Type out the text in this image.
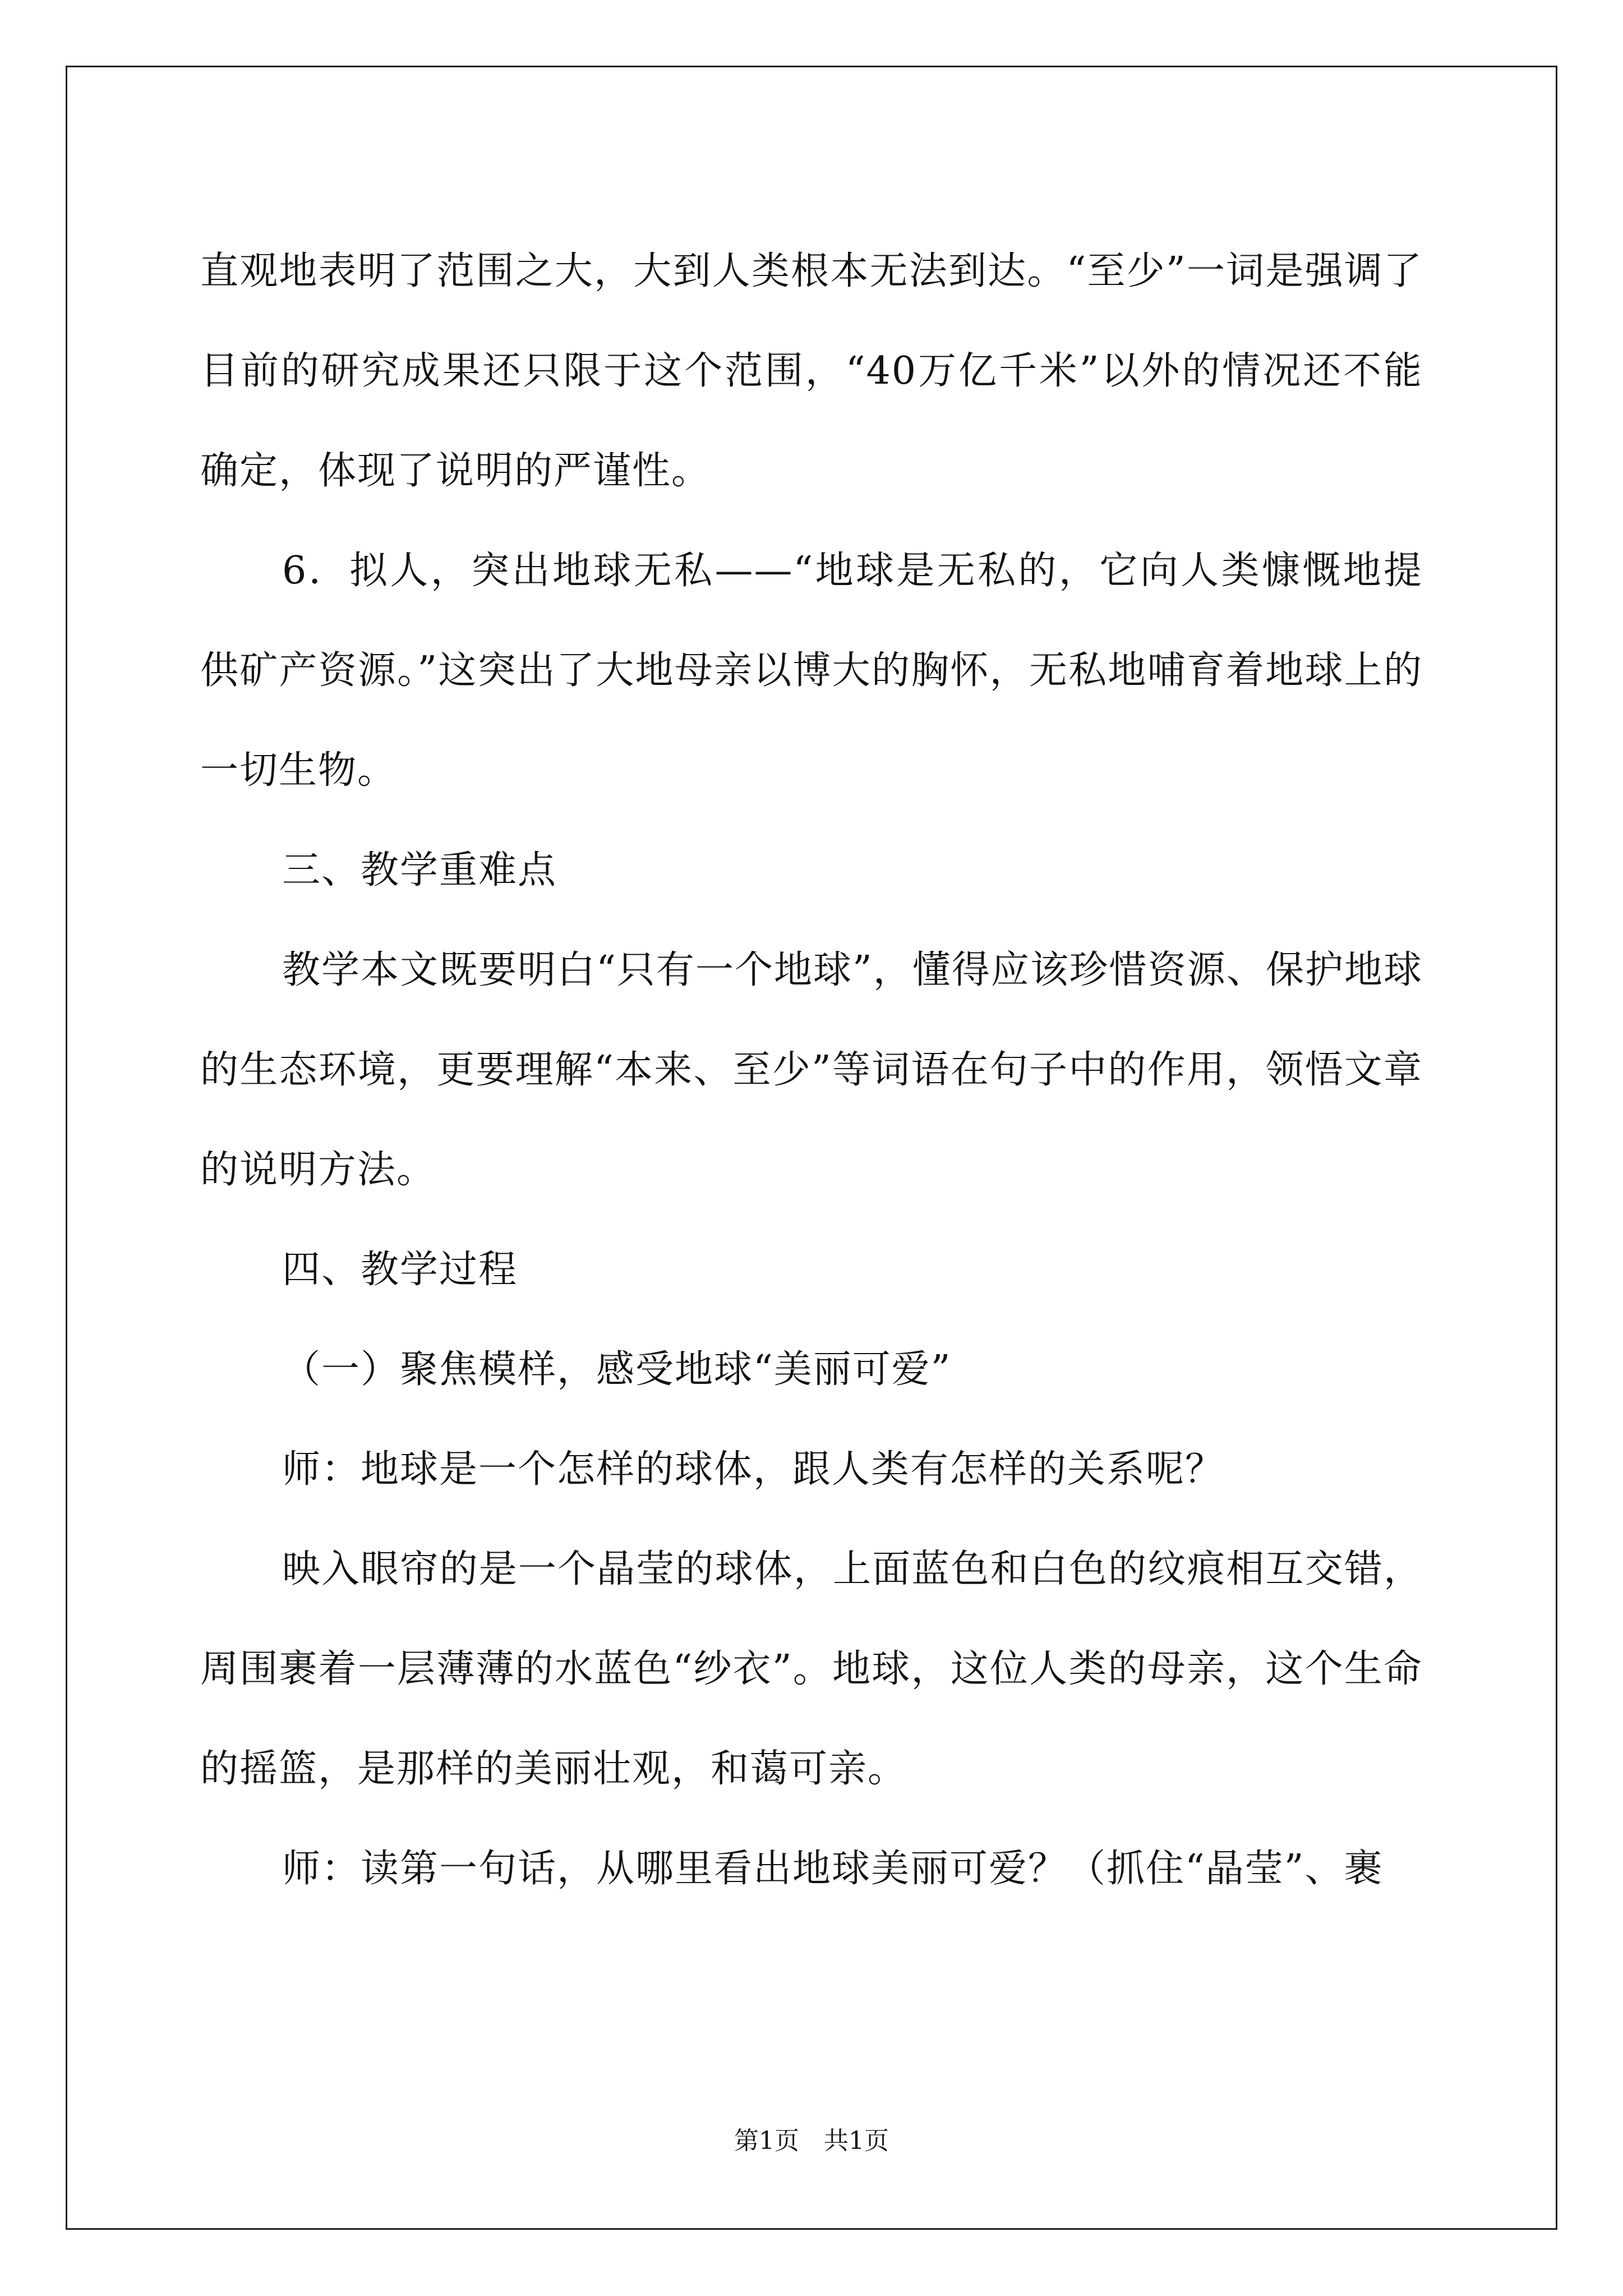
直观地表明了范围之大，大到人类根本无法到达。“至少”一词是强调了目前的研究成果还只限于这个范围，“40万亿千米”以外的情况还不能确定，体现了说明的严谨性。

6．拟人，突出地球无私——“地球是无私的，它向人类慷慨地提供矿产资源。”这突出了大地母亲以博大的胸怀，无私地哺育着地球上的一切生物。

三、教学重难点

教学本文既要明白“只有一个地球”，懂得应该珍惜资源、保护地球的生态环境，更要理解“本来、至少”等词语在句子中的作用，领悟文章的说明方法。

四、教学过程

（一）聚焦模样，感受地球“美丽可爱”

师：地球是一个怎样的球体，跟人类有怎样的关系呢？

映入眼帘的是一个晶莹的球体，上面蓝色和白色的纹痕相互交错，周围裹着一层薄薄的水蓝色“纱衣”。地球，这位人类的母亲，这个生命的摇篮，是那样的美丽壮观，和蔼可亲。

师：读第一句话，从哪里看出地球美丽可爱？（抓住“晶莹”、裹

第1页　共1页
